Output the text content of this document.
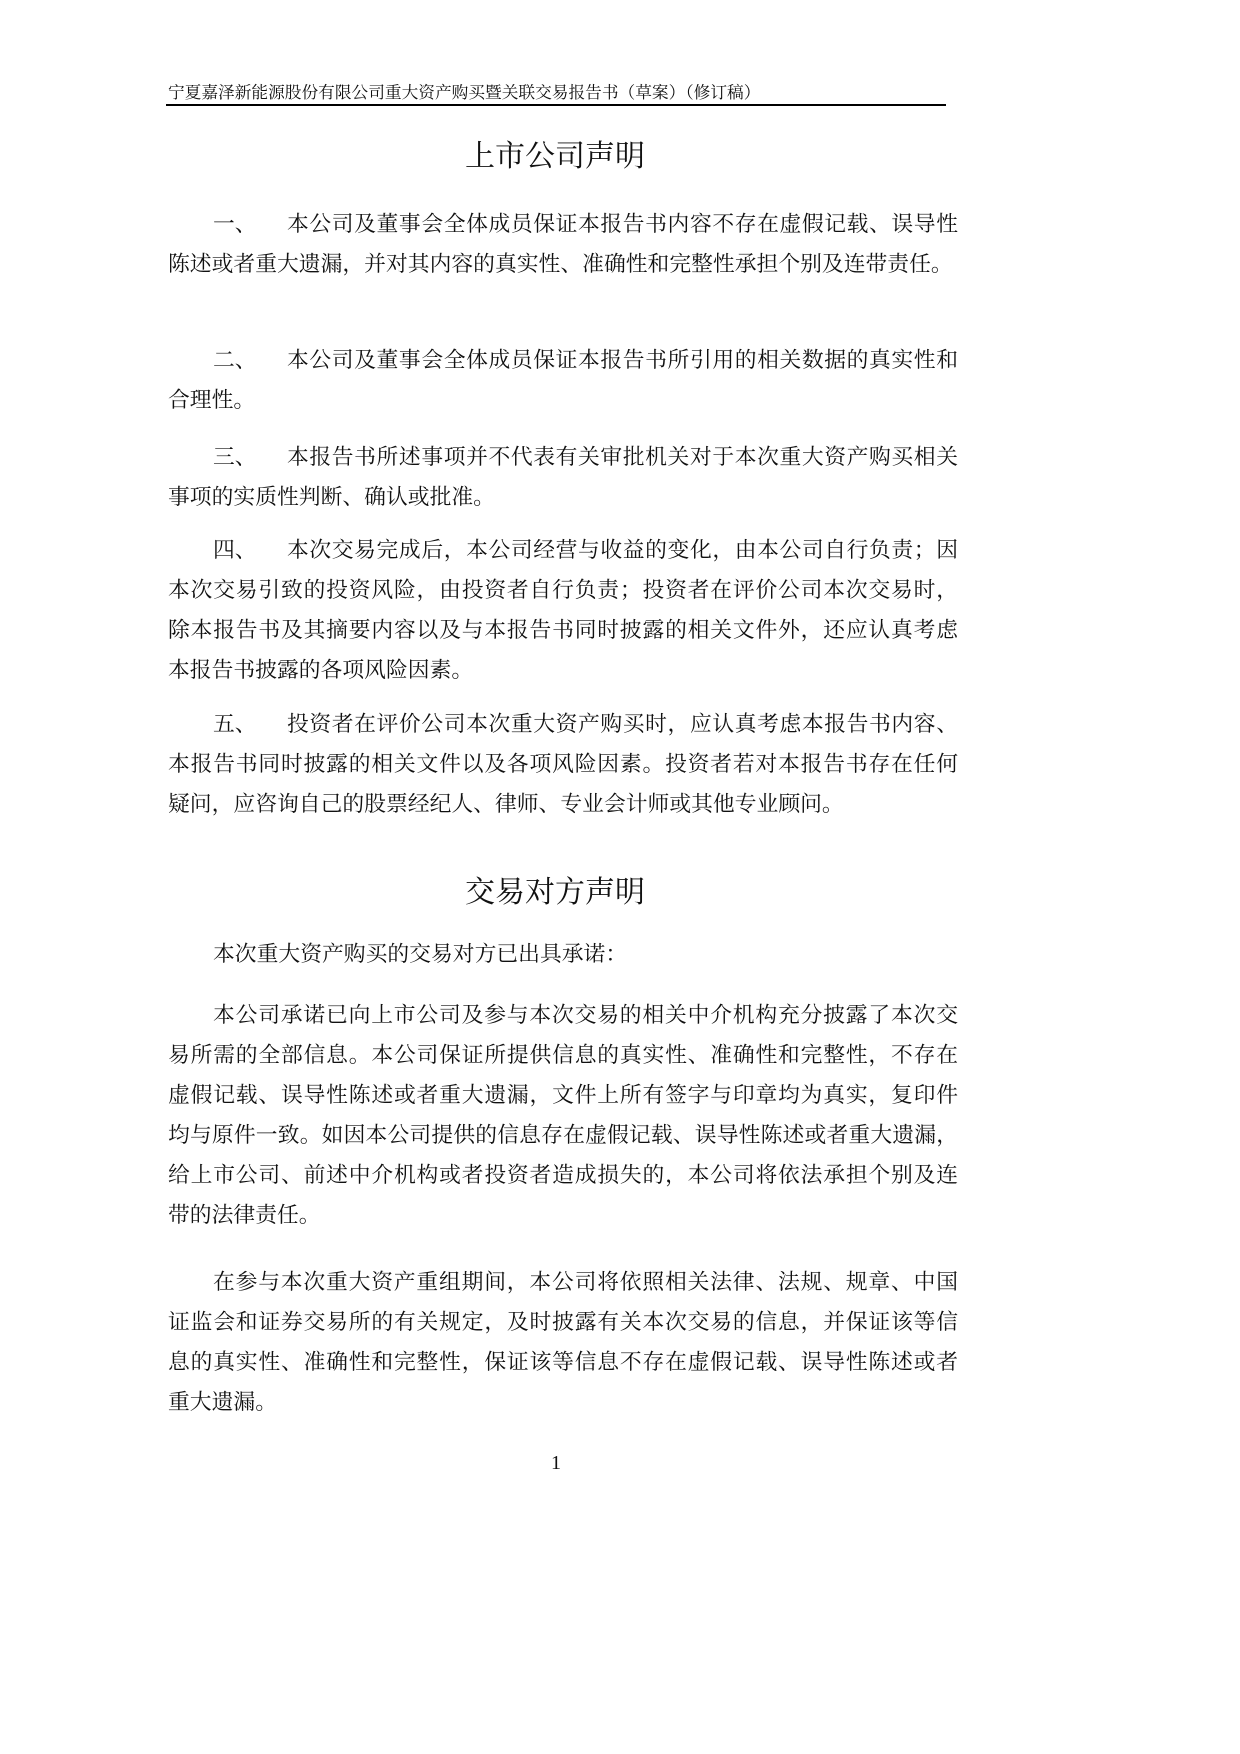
宁夏嘉泽新能源股份有限公司重大资产购买暨关联交易报告书（草案）（修订稿）
上市公司声明
一、	本公司及董事会全体成员保证本报告书内容不存在虚假记载、误导性
陈述或者重大遗漏，并对其内容的真实性、准确性和完整性承担个别及连带责任。
二、	本公司及董事会全体成员保证本报告书所引用的相关数据的真实性和
合理性。
三、	本报告书所述事项并不代表有关审批机关对于本次重大资产购买相关
事项的实质性判断、确认或批准。
四、	本次交易完成后，本公司经营与收益的变化，由本公司自行负责；因
本次交易引致的投资风险，由投资者自行负责；投资者在评价公司本次交易时，
除本报告书及其摘要内容以及与本报告书同时披露的相关文件外，还应认真考虑
本报告书披露的各项风险因素。
五、	投资者在评价公司本次重大资产购买时，应认真考虑本报告书内容、
本报告书同时披露的相关文件以及各项风险因素。投资者若对本报告书存在任何
疑问，应咨询自己的股票经纪人、律师、专业会计师或其他专业顾问。
交易对方声明
本次重大资产购买的交易对方已出具承诺：
本公司承诺已向上市公司及参与本次交易的相关中介机构充分披露了本次交
易所需的全部信息。本公司保证所提供信息的真实性、准确性和完整性，不存在
虚假记载、误导性陈述或者重大遗漏，文件上所有签字与印章均为真实，复印件
均与原件一致。如因本公司提供的信息存在虚假记载、误导性陈述或者重大遗漏，
给上市公司、前述中介机构或者投资者造成损失的，本公司将依法承担个别及连
带的法律责任。
在参与本次重大资产重组期间，本公司将依照相关法律、法规、规章、中国
证监会和证券交易所的有关规定，及时披露有关本次交易的信息，并保证该等信
息的真实性、准确性和完整性，保证该等信息不存在虚假记载、误导性陈述或者
重大遗漏。
1
